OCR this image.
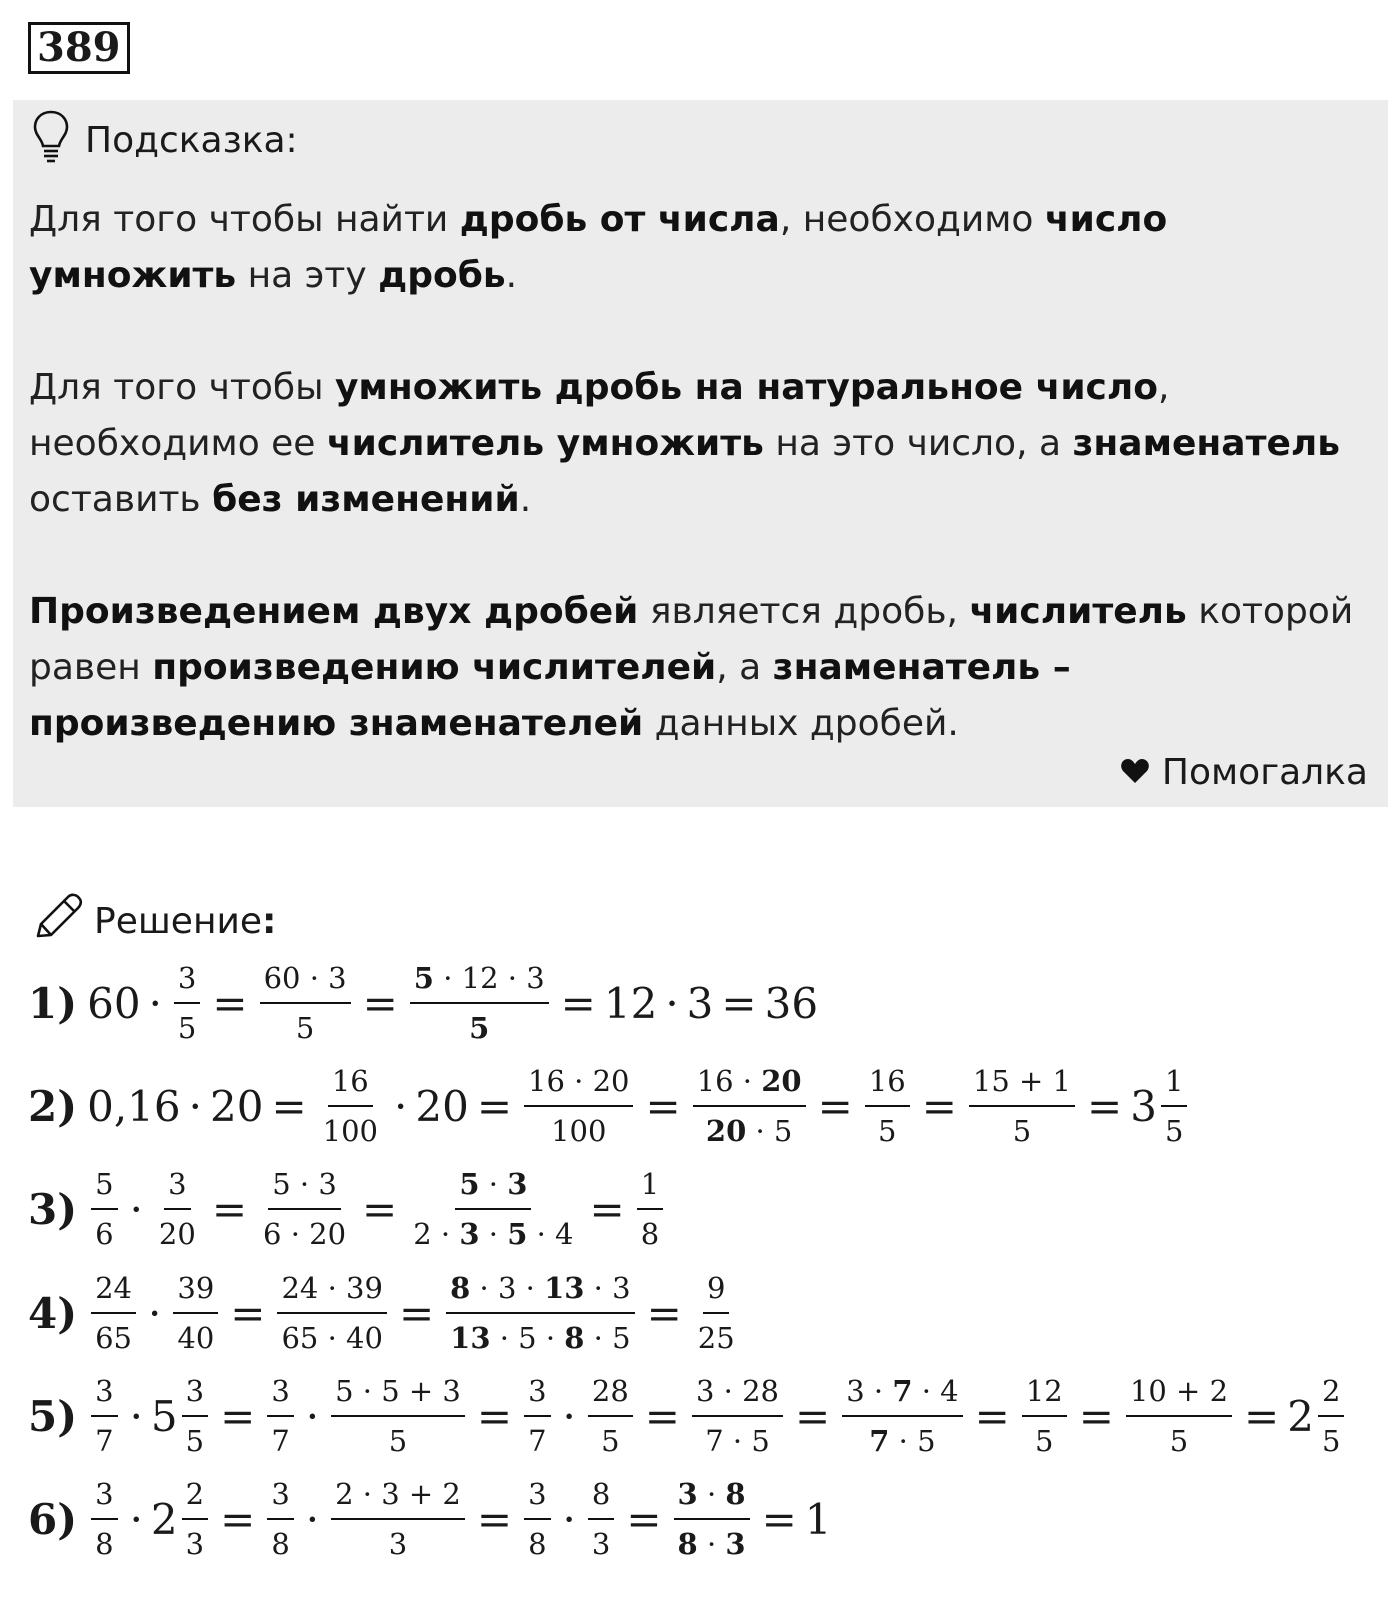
389
Подсказка:

Для того чтобы найти дробь от числа, необходимо число умножить на эту дробь.

Для того чтобы умножить дробь на натуральное число, необходимо ее числитель умножить на это число, а знаменатель оставить без изменений.

Произведением двух дробей является дробь, числитель которой равен произведению числителей, а знаменатель – произведению знаменателей данных дробей.

Помогалка
Решение:
1) $60 \cdot \frac{3}{5} = \frac{60 \cdot 3}{5} = \frac{5 \cdot 12 \cdot 3}{5} = 12 \cdot 3 = 36$
2) $0,16 \cdot 20 = \frac{16}{100} \cdot 20 = \frac{16 \cdot 20}{100} = \frac{16 \cdot 20}{20 \cdot 5} = \frac{16}{5} = \frac{15 + 1}{5} = 3 \frac{1}{5}$
$3) \frac{5}{6} \cdot \frac{3}{20} = \frac{5 \cdot 3}{6 \cdot 20} = \frac{5 \cdot 3}{2 \cdot 3 \cdot 5 \cdot 4} = \frac{1}{8}$
$4) \frac{24}{65} \cdot \frac{39}{40} = \frac{24 \cdot 39}{65 \cdot 40} = \frac{8 \cdot 3 \cdot 13 \cdot 3}{13 \cdot 5 \cdot 8 \cdot 5} = \frac{9}{25}$
$5) \frac{3}{7} \cdot 5 \frac{3}{5} = \frac{3}{7} \cdot \frac{5 \cdot 5 + 3}{5} = \frac{3}{7} \cdot \frac{28}{5} = \frac{3 \cdot 28}{7 \cdot 5} = \frac{3 \cdot 7 \cdot 4}{7 \cdot 5} = \frac{12}{5} = \frac{10 + 2}{5} = 2 \frac{2}{5}$
$6) \frac{3}{8} \cdot 2 \frac{2}{3} = \frac{3}{8} \cdot \frac{2 \cdot 3 + 2}{3} = \frac{3}{8} \cdot \frac{8}{3} = \frac{3 \cdot 8}{8 \cdot 3} = 1$
